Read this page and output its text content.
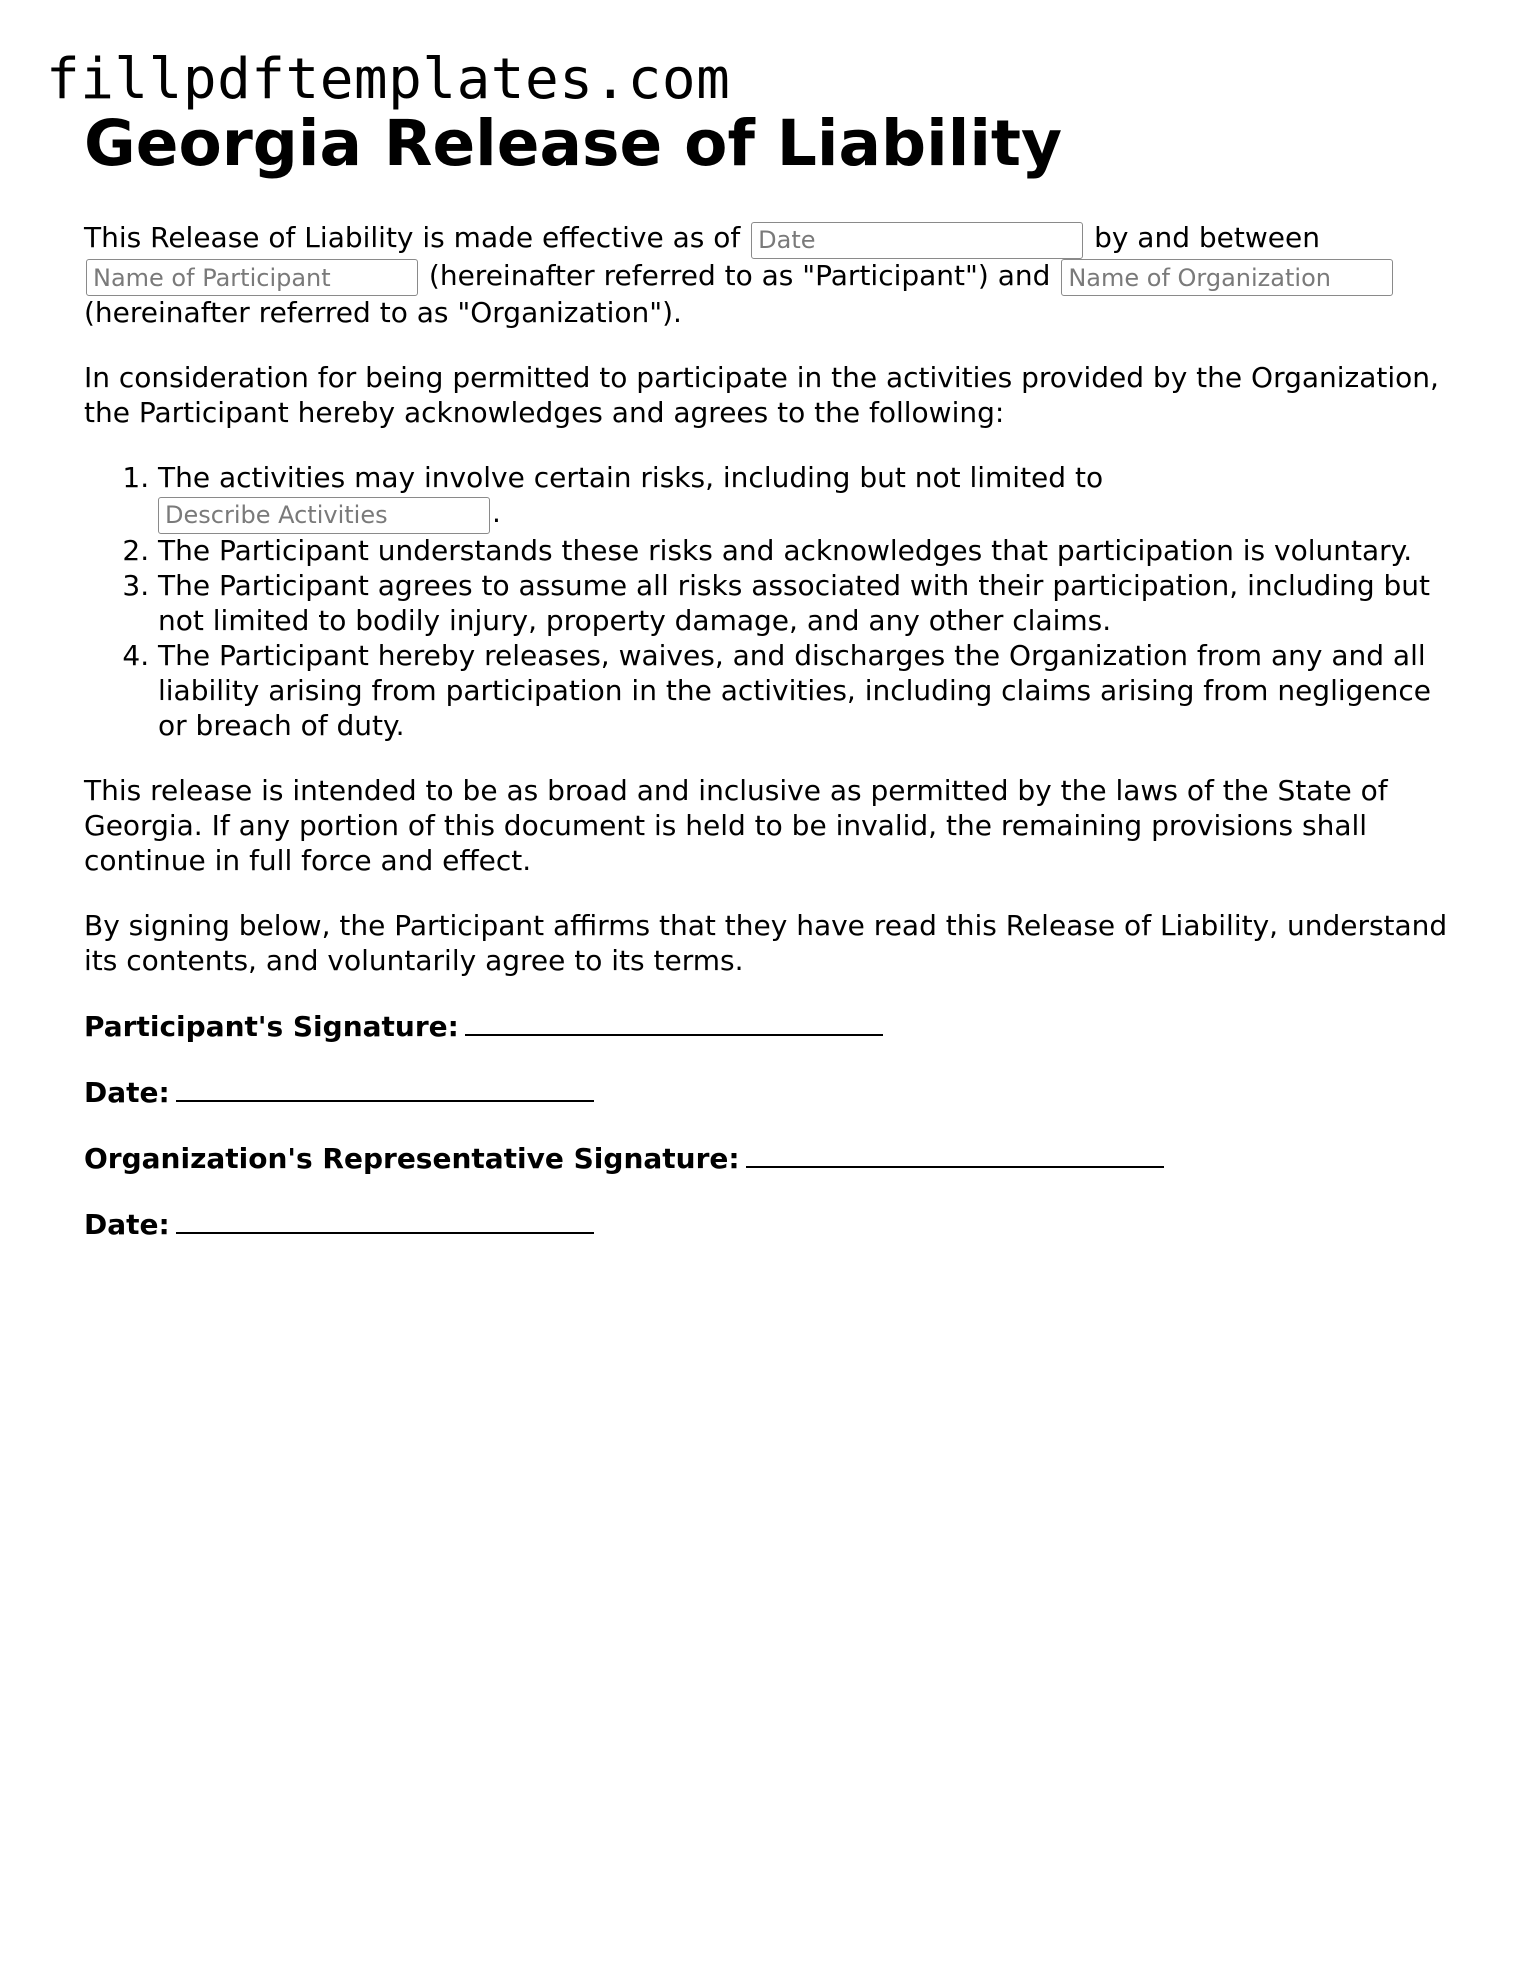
fillpdftemplates.com
Georgia Release of Liability

This Release of Liability is made effective as of Date	by and between Name of Participant (hereinafter referred to as "Participant") and Name of Organization (hereinafter referred to as "Organization").

In consideration for being permitted to participate in the activities provided by the Organization, the Participant hereby acknowledges and agrees to the following:

1. The activities may involve certain risks, including but not limited to
Describe Activities.
2. The Participant understands these risks and acknowledges that participation is voluntary.
3. The Participant agrees to assume all risks associated with their participation, including but not limited to bodily injury, property damage, and any other claims.
4. The Participant hereby releases, waives, and discharges the Organization from any and all liability arising from participation in the activities, including claims arising from negligence or breach of duty.

This release is intended to be as broad and inclusive as permitted by the laws of the State of Georgia. If any portion of this document is held to be invalid, the remaining provisions shall continue in full force and effect.

By signing below, the Participant affirms that they have read this Release of Liability, understand its contents, and voluntarily agree to its terms.

Participant's Signature:
Date:
Organization's Representative Signature:
Date:
